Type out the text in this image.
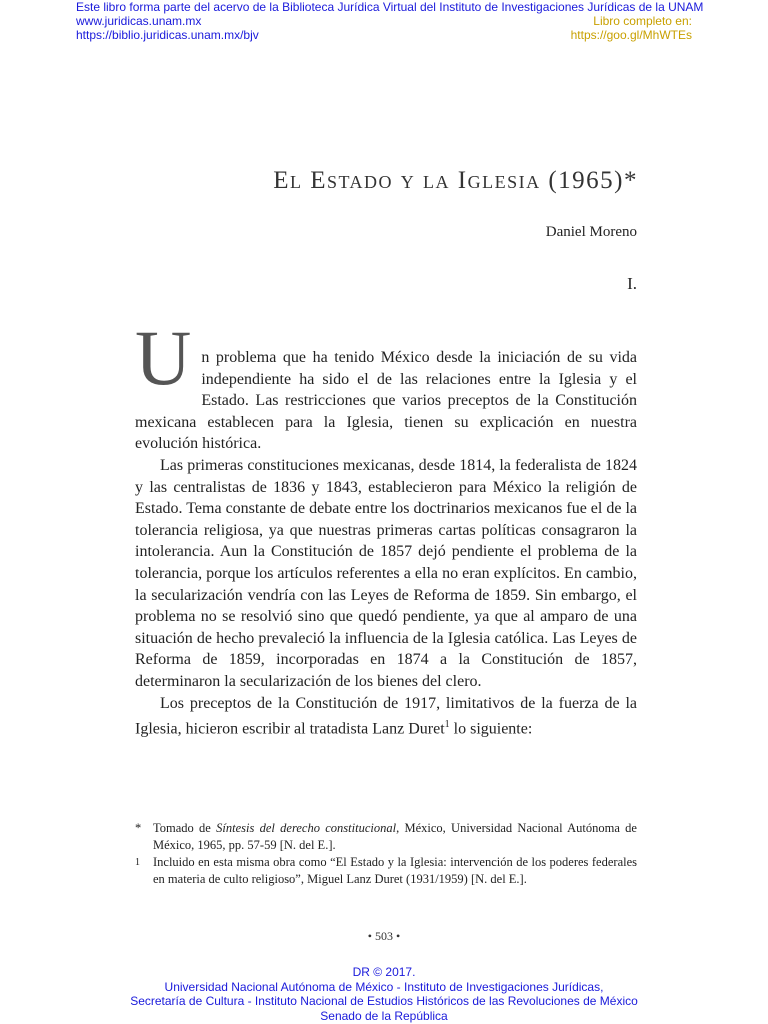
Este libro forma parte del acervo de la Biblioteca Jurídica Virtual del Instituto de Investigaciones Jurídicas de la UNAM
www.juridicas.unam.mx
https://biblio.juridicas.unam.mx/bjv
Libro completo en:
https://goo.gl/MhWTEs
El Estado y la Iglesia (1965)*
Daniel Moreno
I.

U n problema que ha tenido México desde la iniciación de su vida independiente ha sido el de las relaciones entre la Iglesia y el Estado. Las restricciones que varios preceptos de la Constitución mexicana establecen para la Iglesia, tienen su explicación en nuestra evolución histórica.

Las primeras constituciones mexicanas, desde 1814, la federalista de 1824 y las centralistas de 1836 y 1843, establecieron para México la religión de Estado. Tema constante de debate entre los doctrinarios mexicanos fue el de la tolerancia religiosa, ya que nuestras primeras cartas políticas consagraron la intolerancia. Aun la Constitución de 1857 dejó pendiente el problema de la tolerancia, porque los artículos referentes a ella no eran explícitos. En cambio, la secularización vendría con las Leyes de Reforma de 1859. Sin embargo, el problema no se resolvió sino que quedó pendiente, ya que al amparo de una situación de hecho prevaleció la influencia de la Iglesia católica. Las Leyes de Reforma de 1859, incorporadas en 1874 a la Constitución de 1857, determinaron la secularización de los bienes del clero.

Los preceptos de la Constitución de 1917, limitativos de la fuerza de la Iglesia, hicieron escribir al tratadista Lanz Duret$^1$ lo siguiente:

* Tomado de Síntesis del derecho constitucional, México, Universidad Nacional Autónoma de México, 1965, pp. 57-59 [N. del E.].
1	Incluido en esta misma obra como “El Estado y la Iglesia: intervención de los poderes federales en materia de culto religioso”, Miguel Lanz Duret (1931/1959) [N. del E.].
• 503 •
DR © 2017.
Universidad Nacional Autónoma de México - Instituto de Investigaciones Jurídicas,
Secretaría de Cultura - Instituto Nacional de Estudios Históricos de las Revoluciones de México
Senado de la República
